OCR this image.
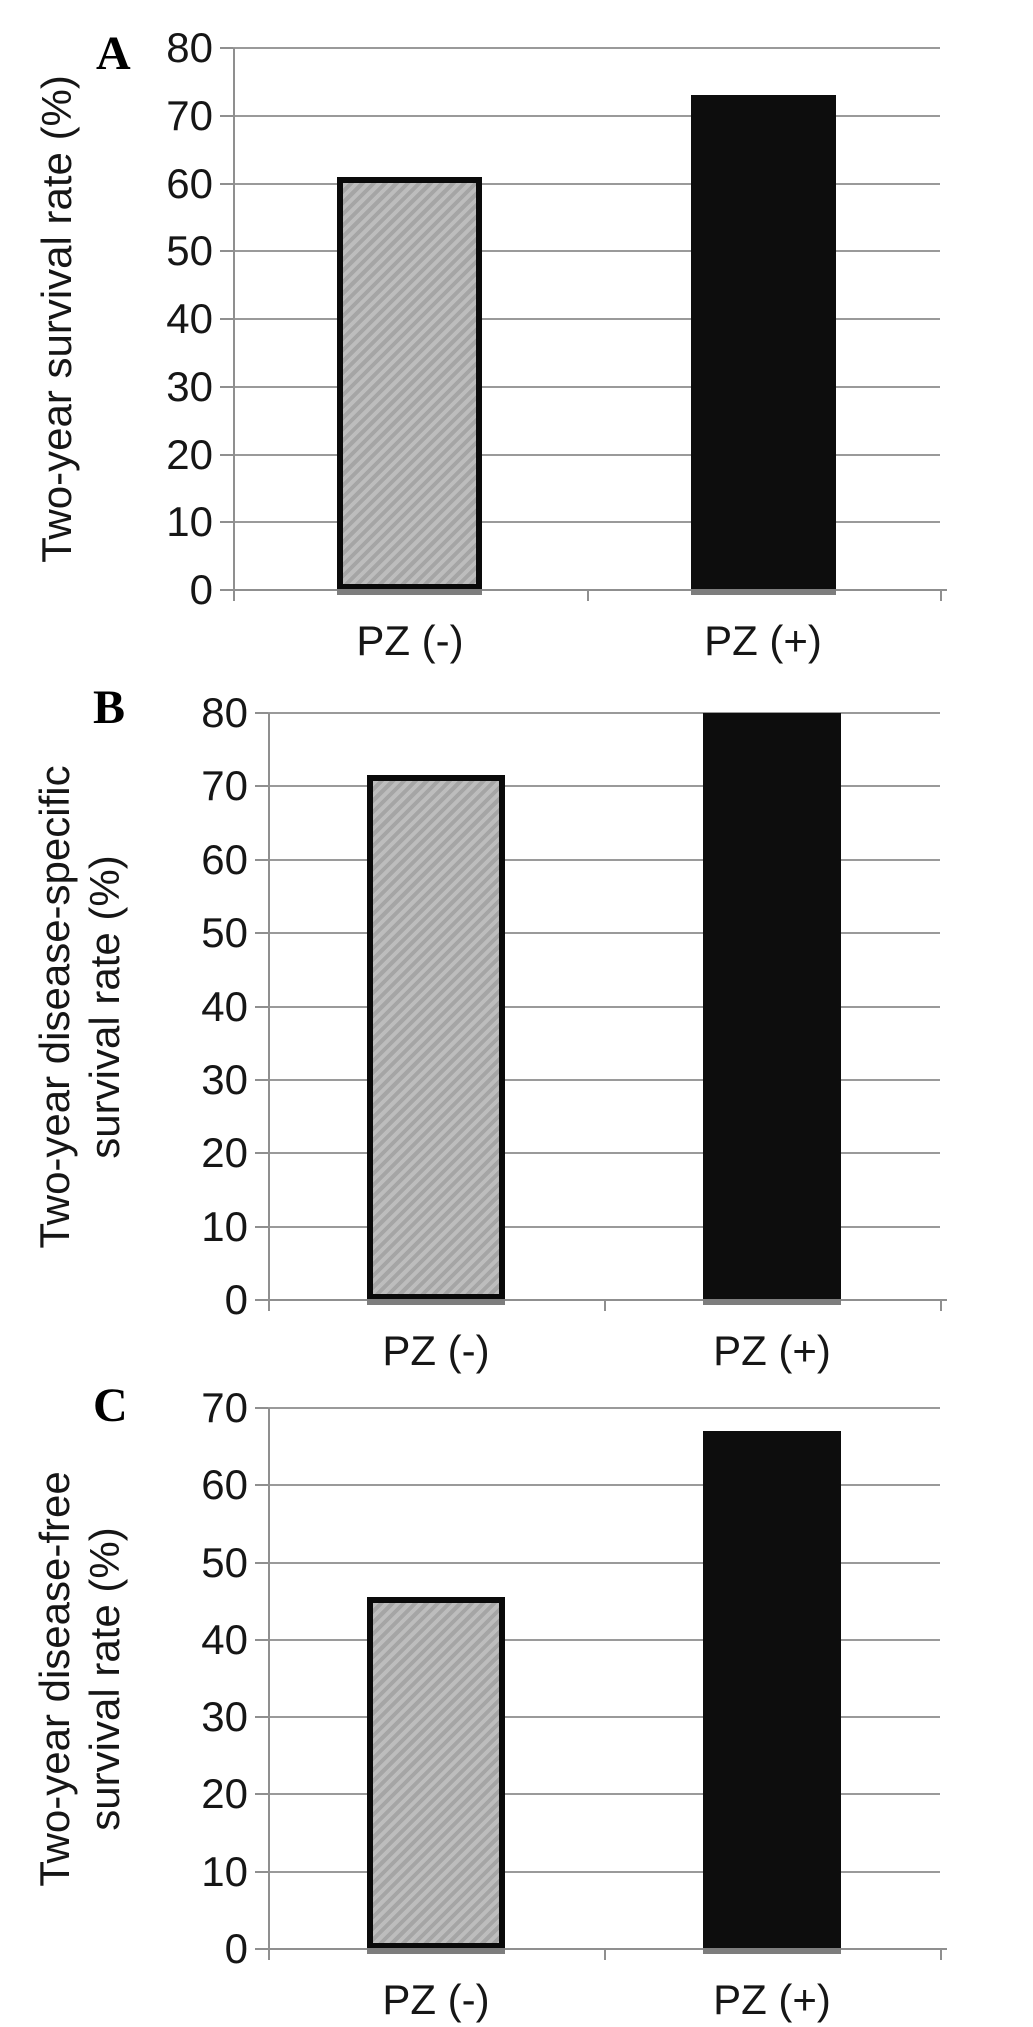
A
Two-year survival rate (%)
0
10
20
30
40
50
60
70
80
PZ (-)	PZ (+)
B
Two-year disease-specific survival rate (%)
0
10
20
30
40
50
60
70
80
PZ (-)	PZ (+)
C
Two-year disease-free survival rate (%)
0
10
20
30
40
50
60
70
PZ (-)	PZ (+)
